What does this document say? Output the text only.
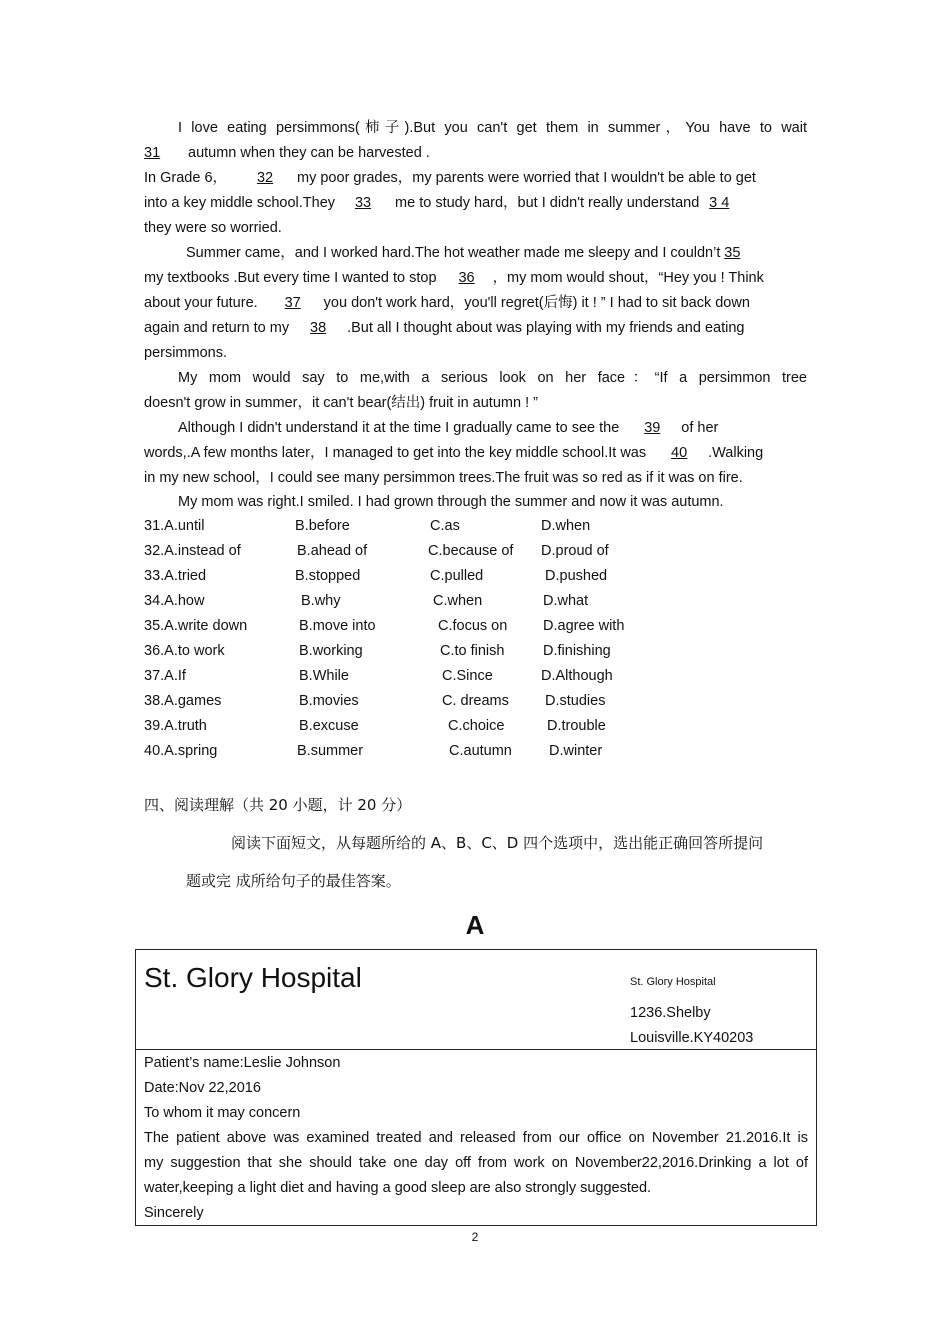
I love eating persimmons(柿子).But you can't get them in summer，You have to wait
31 autumn when they can be harvested .
In Grade 6， 32 my poor grades，my parents were worried that I wouldn't be able to get
into a key middle school.They 33 me to study hard，but I didn't really understand 3 4
they were so worried.
Summer came，and I worked hard.The hot weather made me sleepy and I couldn’t 35
my textbooks .But every time I wanted to stop 36 ，my mom would shout，“Hey you ! Think
about your future. 37 you don't work hard，you'll regret(后悔) it ! ” I had to sit back down
again and return to my 38 .But all I thought about was playing with my friends and eating
persimmons.
My mom would say to me,with a serious look on her face：“If a persimmon tree
doesn't grow in summer，it can't bear(结出) fruit in autumn ! ”
Although I didn't understand it at the time I gradually came to see the 39 of her
words,.A few months later，I managed to get into the key middle school.It was 40 .Walking
in my new school，I could see many persimmon trees.The fruit was so red as if it was on fire.
My mom was right.I smiled. I had grown through the summer and now it was autumn.
31.A.until	B.before	C.as	D.when
32.A.instead of	B.ahead of	C.because of D.proud of
33.A.tried	B.stopped	C.pulled	D.pushed
34.A.how	B.why	C.when	D.what
35.A.write down	B.move into	C.focus on D.agree with
36.A.to work	B.working	C.to finish	D.finishing
37.A.If	B.While	C.Since	D.Although
38.A.games	B.movies	C. dreams D.studies
39.A.truth	B.excuse	C.choice	D.trouble
40.A.spring	B.summer	C.autumn	D.winter
四、阅读理解（共 20 小题，计 20 分）
阅读下面短文，从每题所给的 A、B、C、D 四个选项中，选出能正确回答所提问
题或完 成所给句子的最佳答案。
A
St. Glory Hospital	St. Glory Hospital
1236.Shelby
Louisville.KY40203
Patient’s name:Leslie Johnson
Date:Nov 22,2016
To whom it may concern
The patient above was examined treated and released from our office on November 21.2016.It is
my suggestion that she should take one day off from work on November22,2016.Drinking a lot of
water,keeping a light diet and having a good sleep are also strongly suggested.
Sincerely
2
